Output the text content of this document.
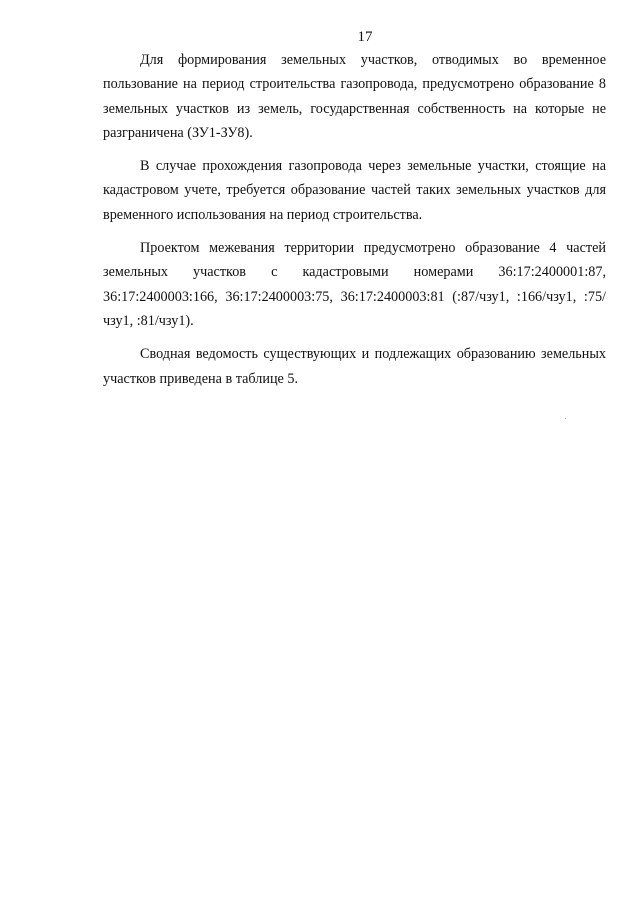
17

Для формирования земельных участков, отводимых во временное пользование на период строительства газопровода, предусмотрено образование 8 земельных участков из земель, государственная собственность на которые не разграничена (ЗУ1-ЗУ8).

В случае прохождения газопровода через земельные участки, стоящие на кадастровом учете, требуется образование частей таких земельных участков для временного использования на период строительства.

Проектом межевания территории предусмотрено образование 4 частей земельных участков с кадастровыми номерами 36:17:2400001:87, 36:17:2400003:166, 36:17:2400003:75, 36:17:2400003:81 (:87/чзу1, :166/чзу1, :75/чзу1, :81/чзу1).

Сводная ведомость существующих и подлежащих образованию земельных участков приведена в таблице 5.
